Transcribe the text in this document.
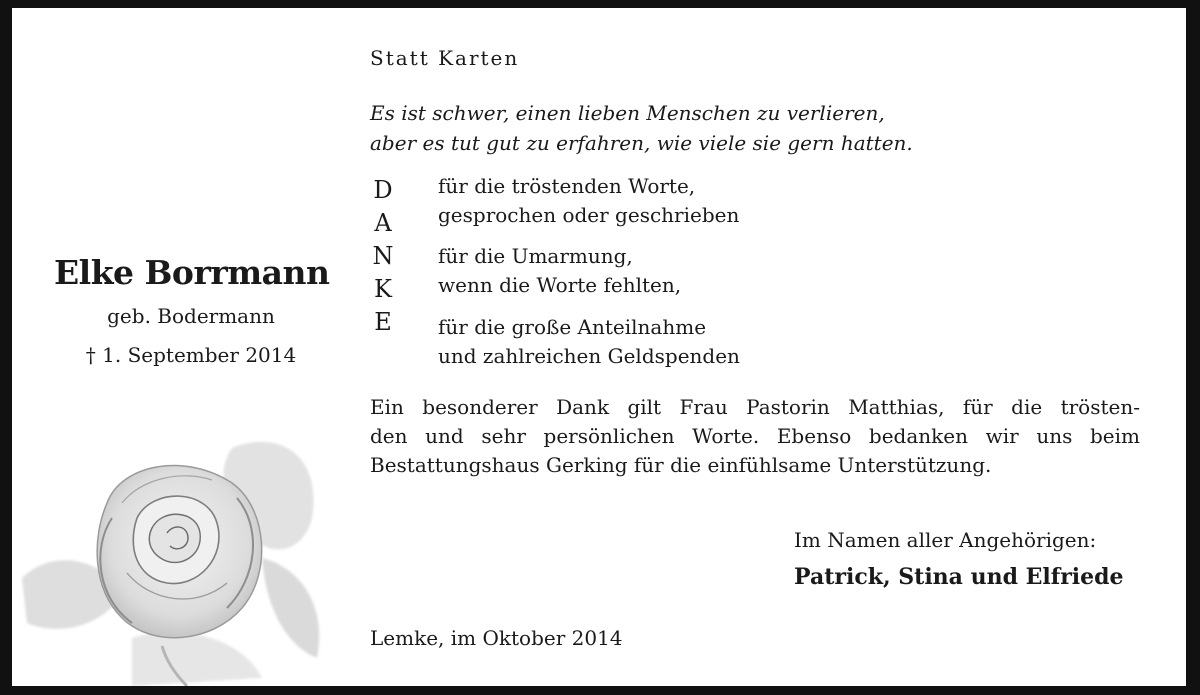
Elke Borrmann
geb. Bodermann
† 1. September 2014
Statt Karten
Es ist schwer, einen lieben Menschen zu verlieren,
aber es tut gut zu erfahren, wie viele sie gern hatten.
D
A
N
K
E
für die tröstenden Worte,
gesprochen oder geschrieben
für die Umarmung,
wenn die Worte fehlten,
für die große Anteilnahme
und zahlreichen Geldspenden
Ein besonderer Dank gilt Frau Pastorin Matthias, für die trösten-
den und sehr persönlichen Worte. Ebenso bedanken wir uns beim
Bestattungshaus Gerking für die einfühlsame Unterstützung.
Im Namen aller Angehörigen:
Patrick, Stina und Elfriede
Lemke, im Oktober 2014
